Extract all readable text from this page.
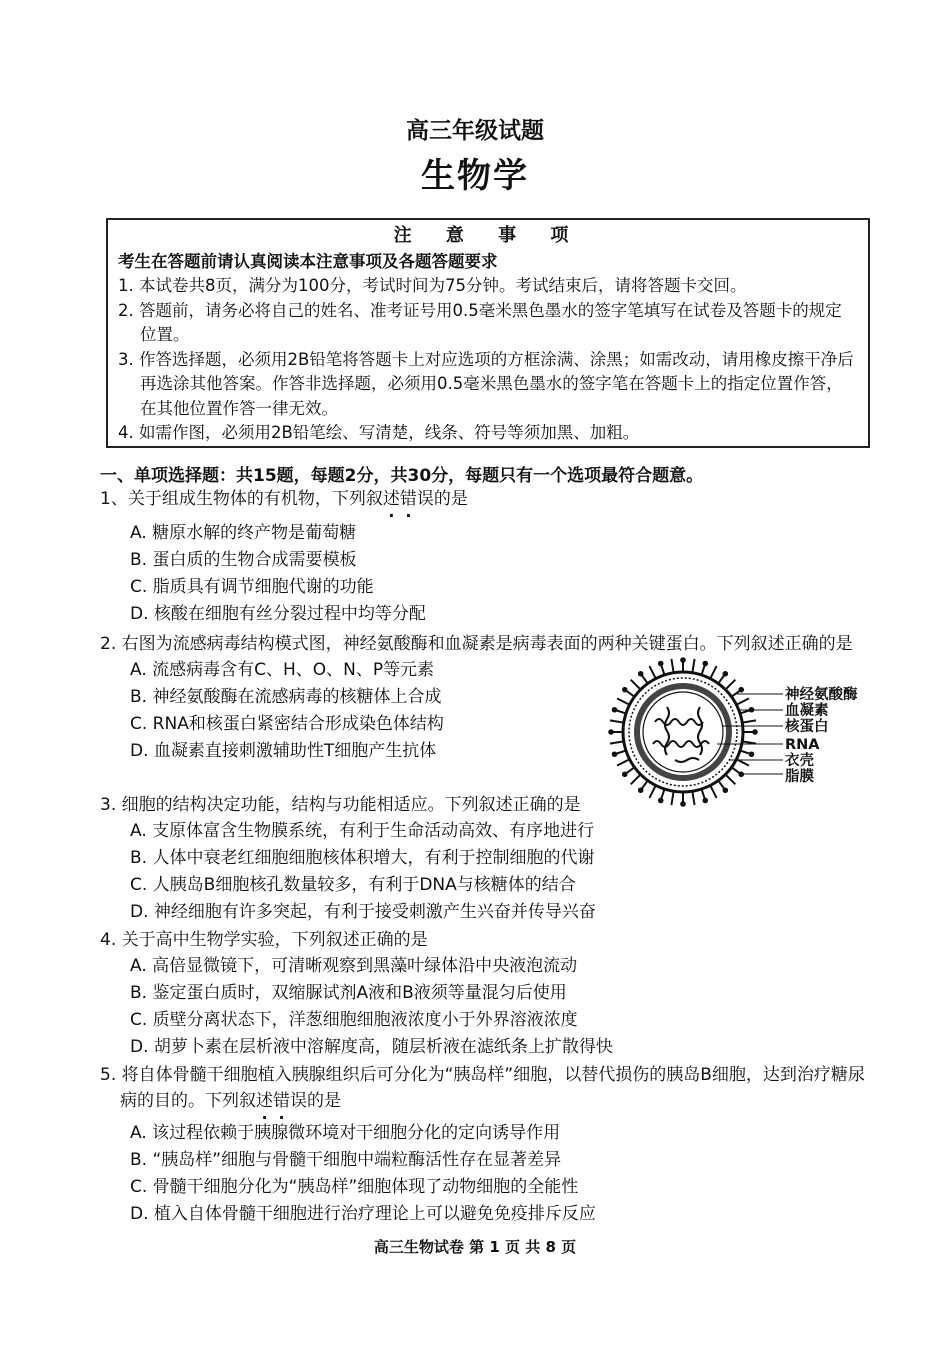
高三年级试题
生物学
注 意 事 项
考生在答题前请认真阅读本注意事项及各题答题要求
1. 本试卷共8页，满分为100分，考试时间为75分钟。考试结束后，请将答题卡交回。
2. 答题前，请务必将自己的姓名、准考证号用0.5毫米黑色墨水的签字笔填写在试卷及答题卡的规定位置。
3. 作答选择题，必须用2B铅笔将答题卡上对应选项的方框涂满、涂黑；如需改动，请用橡皮擦干净后再选涂其他答案。作答非选择题，必须用0.5毫米黑色墨水的签字笔在答题卡上的指定位置作答，在其他位置作答一律无效。
4. 如需作图，必须用2B铅笔绘、写清楚，线条、符号等须加黑、加粗。
一、单项选择题：共15题，每题2分，共30分，每题只有一个选项最符合题意。
1、关于组成生物体的有机物，下列叙述错误的是
A. 糖原水解的终产物是葡萄糖
B. 蛋白质的生物合成需要模板
C. 脂质具有调节细胞代谢的功能
D. 核酸在细胞有丝分裂过程中均等分配
2. 右图为流感病毒结构模式图，神经氨酸酶和血凝素是病毒表面的两种关键蛋白。下列叙述正确的是
A. 流感病毒含有C、H、O、N、P等元素
B. 神经氨酸酶在流感病毒的核糖体上合成
C. RNA和核蛋白紧密结合形成染色体结构
D. 血凝素直接刺激辅助性T细胞产生抗体
神经氨酸酶
血凝素
核蛋白
RNA
衣壳
脂膜
3. 细胞的结构决定功能，结构与功能相适应。下列叙述正确的是
A. 支原体富含生物膜系统，有利于生命活动高效、有序地进行
B. 人体中衰老红细胞细胞核体积增大，有利于控制细胞的代谢
C. 人胰岛B细胞核孔数量较多，有利于DNA与核糖体的结合
D. 神经细胞有许多突起，有利于接受刺激产生兴奋并传导兴奋
4. 关于高中生物学实验，下列叙述正确的是
A. 高倍显微镜下，可清晰观察到黑藻叶绿体沿中央液泡流动
B. 鉴定蛋白质时，双缩脲试剂A液和B液须等量混匀后使用
C. 质壁分离状态下，洋葱细胞细胞液浓度小于外界溶液浓度
D. 胡萝卜素在层析液中溶解度高，随层析液在滤纸条上扩散得快
5. 将自体骨髓干细胞植入胰腺组织后可分化为“胰岛样”细胞，以替代损伤的胰岛B细胞，达到治疗糖尿病的目的。下列叙述错误的是
A. 该过程依赖于胰腺微环境对干细胞分化的定向诱导作用
B. “胰岛样”细胞与骨髓干细胞中端粒酶活性存在显著差异
C. 骨髓干细胞分化为“胰岛样”细胞体现了动物细胞的全能性
D. 植入自体骨髓干细胞进行治疗理论上可以避免免疫排斥反应
高三生物试卷 第 1 页 共 8 页
